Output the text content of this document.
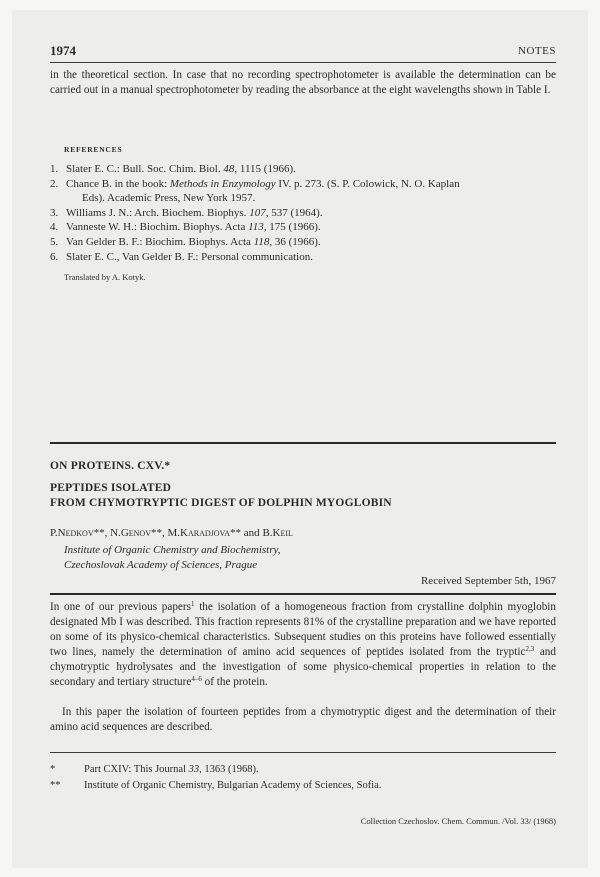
1974	NOTES
in the theoretical section. In case that no recording spectrophotometer is available the determination can be carried out in a manual spectrophotometer by reading the absorbance at the eight wavelengths shown in Table I.
REFERENCES
1. Slater E. C.: Bull. Soc. Chim. Biol. 48, 1115 (1966).
2. Chance B. in the book: Methods in Enzymology IV. p. 273. (S. P. Colowick, N. O. Kaplan
Eds). Academic Press, New York 1957.
3. Williams J. N.: Arch. Biochem. Biophys. 107, 537 (1964).
4. Vanneste W. H.: Biochim. Biophys. Acta 113, 175 (1966).
5. Van Gelder B. F.: Biochim. Biophys. Acta 118, 36 (1966).
6. Slater E. C., Van Gelder B. F.: Personal communication.
Translated by A. Kotyk.
ON PROTEINS. CXV.*
PEPTIDES ISOLATED
FROM CHYMOTRYPTIC DIGEST OF DOLPHIN MYOGLOBIN
P.Nedkov**, N.Genov**, M.Karadjova** and B.Keil
Institute of Organic Chemistry and Biochemistry,
Czechoslovak Academy of Sciences, Prague
Received September 5th, 1967
In one of our previous papers$^1$ the isolation of a homogeneous fraction from crystalline dolphin myoglobin designated Mb I was described. This fraction represents 81% of the crystalline preparation and we have reported on some of its physico-chemical characteristics. Subsequent studies on this proteins have followed essentially two lines, namely the determination of amino acid sequences of peptides isolated from the tryptic$^{2,3}$ and chymotryptic hydrolysates and the investigation of some physico-chemical properties in relation to the secondary and tertiary structure$^{4-6}$ of the protein.
In this paper the isolation of fourteen peptides from a chymotryptic digest and the determination of their amino acid sequences are described.
*	Part CXIV: This Journal 33, 1363 (1968).
** Institute of Organic Chemistry, Bulgarian Academy of Sciences, Sofia.
Collection Czechoslov. Chem. Commun. /Vol. 33/ (1968)
